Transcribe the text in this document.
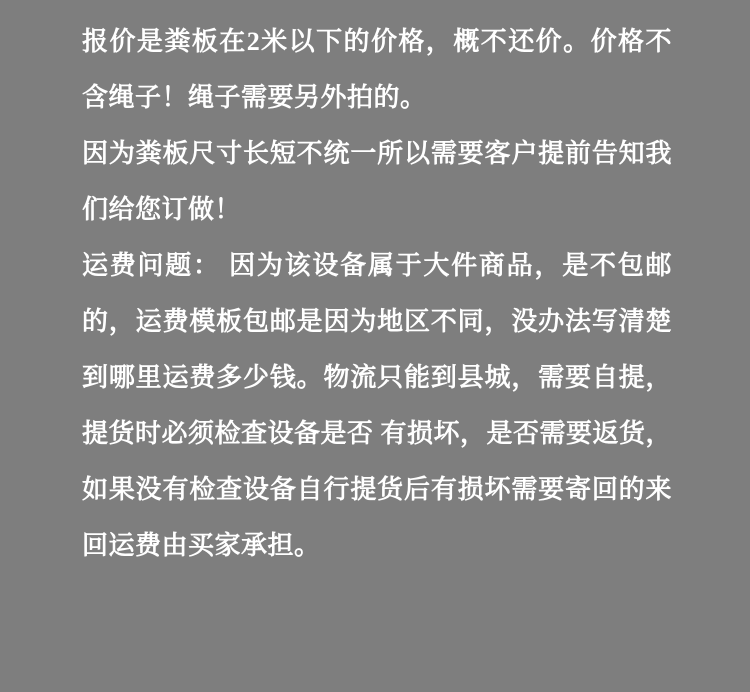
报价是粪板在2米以下的价格，概不还价。价格不含绳子！绳子需要另外拍的。

因为粪板尺寸长短不统一所以需要客户提前告知我们给您订做！

运费问题： 因为该设备属于大件商品，是不包邮的，运费模板包邮是因为地区不同，没办法写清楚到哪里运费多少钱。物流只能到县城，需要自提，提货时必须检查设备是否 有损坏，是否需要返货，如果没有检查设备自行提货后有损坏需要寄回的来回运费由买家承担。
